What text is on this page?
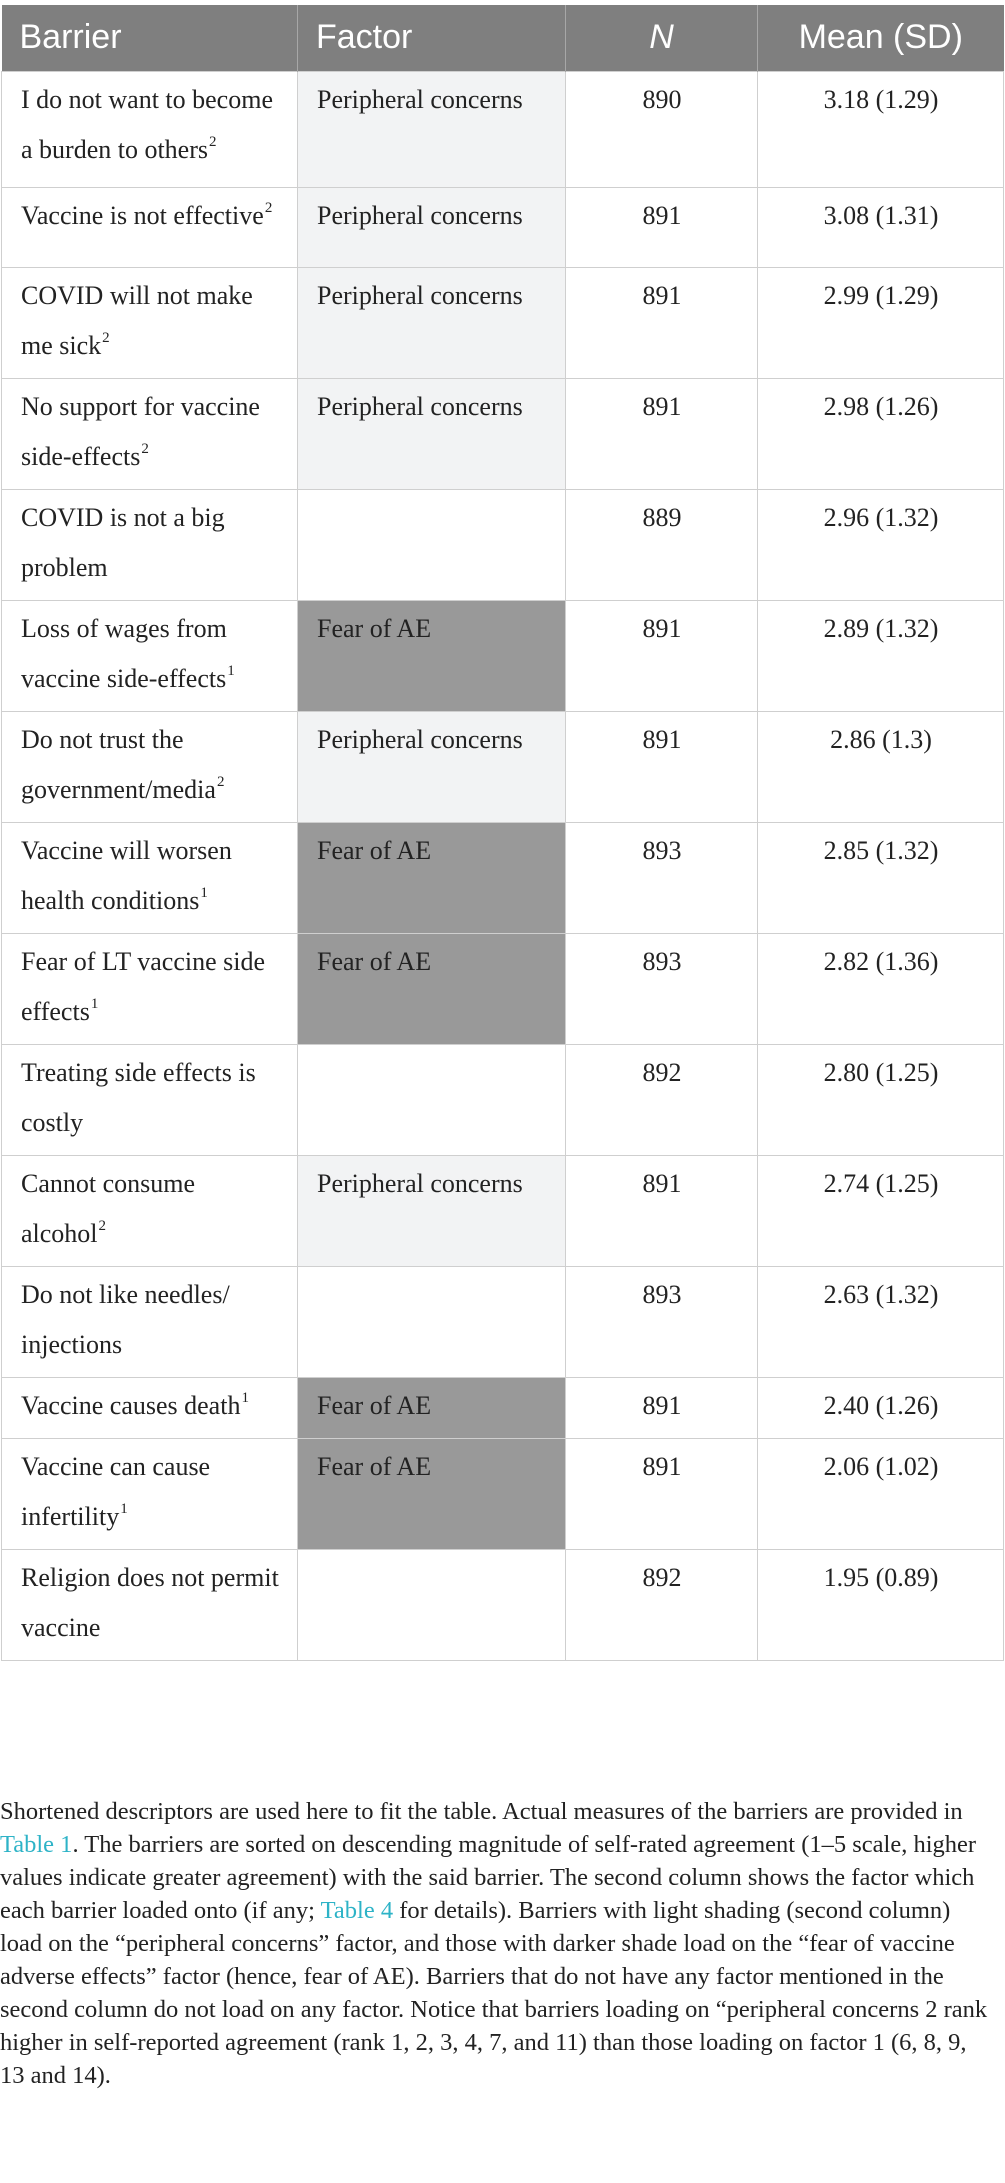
Barrier	Factor	N	Mean (SD)
I do not want to become a burden to others$^2$	Peripheral concerns	890	3.18 (1.29)
Vaccine is not effective$^2$	Peripheral concerns	891	3.08 (1.31)
COVID will not make me sick$^2$	Peripheral concerns	891	2.99 (1.29)
No support for vaccine side-effects$^2$	Peripheral concerns	891	2.98 (1.26)
COVID is not a big problem		889	2.96 (1.32)
Loss of wages from vaccine side-effects$^1$	Fear of AE	891	2.89 (1.32)
Do not trust the government/media$^2$	Peripheral concerns	891	2.86 (1.3)
Vaccine will worsen health conditions$^1$	Fear of AE	893	2.85 (1.32)
Fear of LT vaccine side effects$^1$	Fear of AE	893	2.82 (1.36)
Treating side effects is costly		892	2.80 (1.25)
Cannot consume alcohol$^2$	Peripheral concerns	891	2.74 (1.25)
Do not like needles/ injections		893	2.63 (1.32)
Vaccine causes death$^1$	Fear of AE	891	2.40 (1.26)
Vaccine can cause infertility$^1$	Fear of AE	891	2.06 (1.02)
Religion does not permit vaccine		892	1.95 (0.89)
Shortened descriptors are used here to fit the table. Actual measures of the barriers are provided in Table 1. The barriers are sorted on descending magnitude of self-rated agreement (1–5 scale, higher values indicate greater agreement) with the said barrier. The second column shows the factor which each barrier loaded onto (if any; Table 4 for details). Barriers with light shading (second column) load on the “peripheral concerns” factor, and those with darker shade load on the “fear of vaccine adverse effects” factor (hence, fear of AE). Barriers that do not have any factor mentioned in the second column do not load on any factor. Notice that barriers loading on “peripheral concerns 2 rank higher in self-reported agreement (rank 1, 2, 3, 4, 7, and 11) than those loading on factor 1 (6, 8, 9, 13 and 14).
